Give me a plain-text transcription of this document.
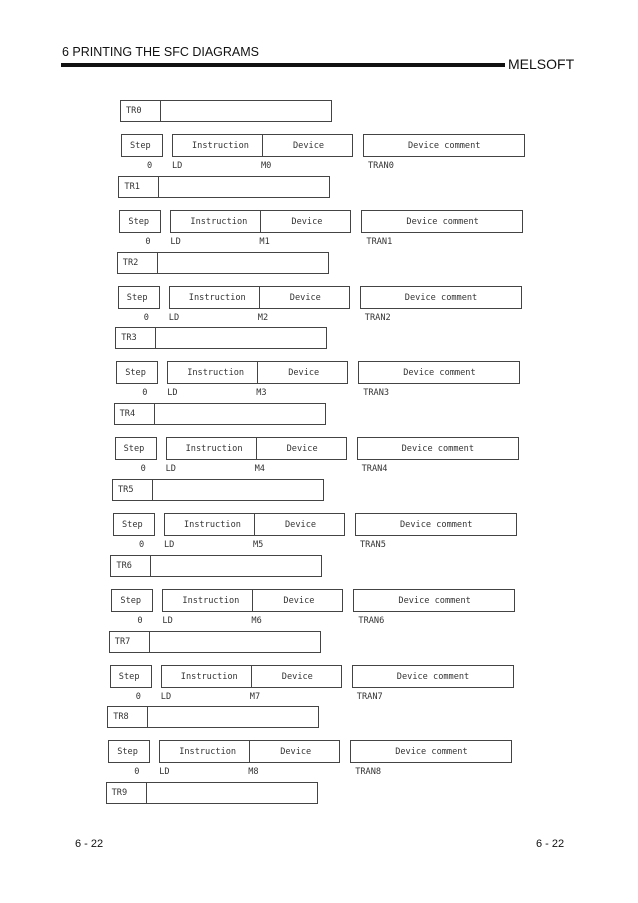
6 PRINTING THE SFC DIAGRAMS
MELSOFT
TR0
Step	Instruction	Device	Device comment
0 LD	M0	TRAN0
TR1
Step	Instruction	Device	Device comment
0 LD	M1	TRAN1
TR2
Step	Instruction	Device	Device comment
0 LD	M2	TRAN2
TR3
Step	Instruction	Device	Device comment
0 LD	M3	TRAN3
TR4
Step	Instruction	Device	Device comment
0 LD	M4	TRAN4
TR5
Step	Instruction	Device	Device comment
0 LD	M5	TRAN5
TR6
Step	Instruction	Device	Device comment
0 LD	M6	TRAN6
TR7
Step	Instruction	Device	Device comment
0 LD	M7	TRAN7
TR8
Step	Instruction	Device	Device comment
0 LD	M8	TRAN8
TR9
6 - 22	6 - 22
